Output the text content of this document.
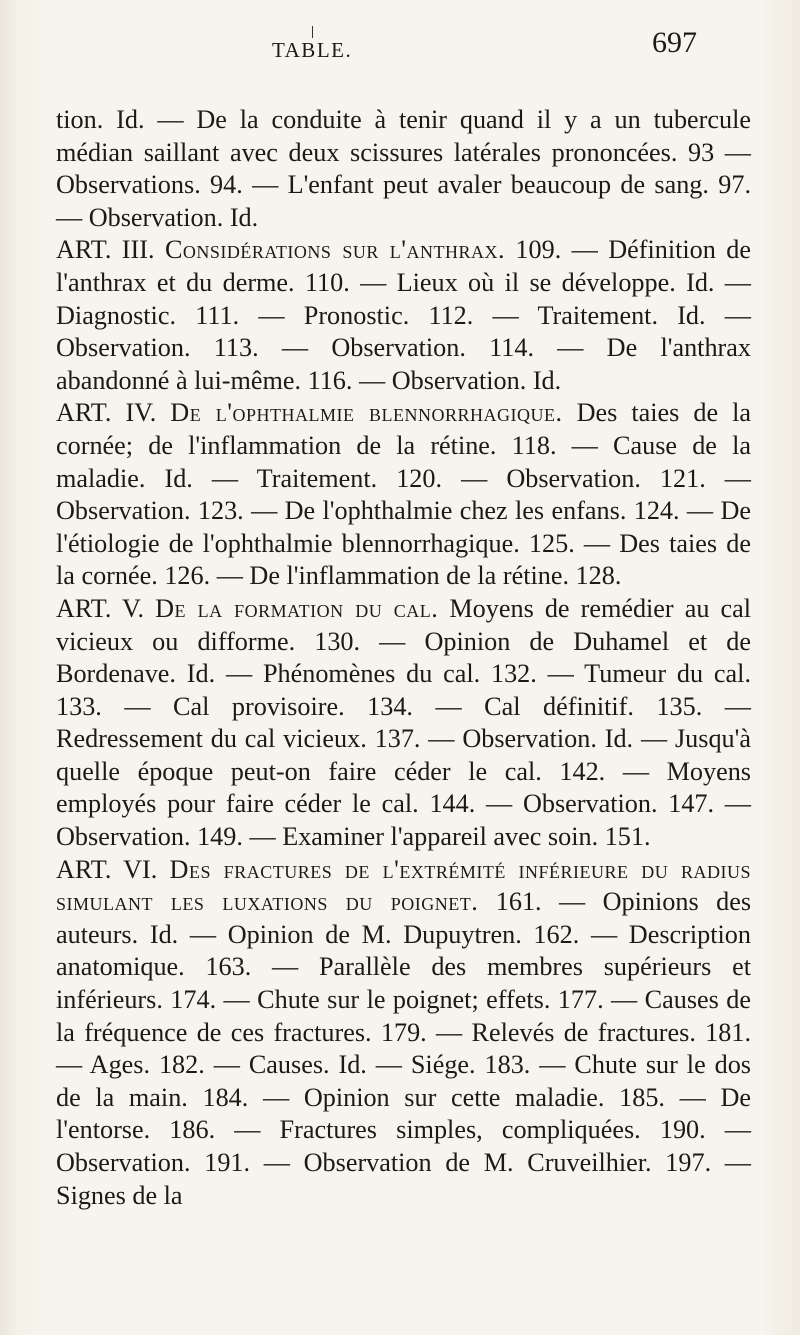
TABLE.	697

tion. Id. — De la conduite à tenir quand il y a un tubercule médian saillant avec deux scissures latérales prononcées. 93 — Observations. 94. — L'enfant peut avaler beaucoup de sang. 97. — Observation. Id.

ART. III. Considérations sur l'anthrax. 109. — Définition de l'anthrax et du derme. 110. — Lieux où il se développe. Id. — Diagnostic. 111. — Pronostic. 112. — Traitement. Id. — Observation. 113. — Observation. 114. — De l'anthrax abandonné à lui-même. 116. — Observation. Id.

ART. IV. De l'ophthalmie blennorrhagique. Des taies de la cornée; de l'inflammation de la rétine. 118. — Cause de la maladie. Id. — Traitement. 120. — Observation. 121. — Observation. 123. — De l'ophthalmie chez les enfans. 124. — De l'étiologie de l'ophthalmie blennorrhagique. 125. — Des taies de la cornée. 126. — De l'inflammation de la rétine. 128.

ART. V. De la formation du cal. Moyens de remédier au cal vicieux ou difforme. 130. — Opinion de Duhamel et de Bordenave. Id. — Phénomènes du cal. 132. — Tumeur du cal. 133. — Cal provisoire. 134. — Cal définitif. 135. — Redressement du cal vicieux. 137. — Observation. Id. — Jusqu'à quelle époque peut-on faire céder le cal. 142. — Moyens employés pour faire céder le cal. 144. — Observation. 147. — Observation. 149. — Examiner l'appareil avec soin. 151.

ART. VI. Des fractures de l'extrémité inférieure du radius simulant les luxations du poignet. 161. — Opinions des auteurs. Id. — Opinion de M. Dupuytren. 162. — Description anatomique. 163. — Parallèle des membres supérieurs et inférieurs. 174. — Chute sur le poignet; effets. 177. — Causes de la fréquence de ces fractures. 179. — Relevés de fractures. 181. — Ages. 182. — Causes. Id. — Siége. 183. — Chute sur le dos de la main. 184. — Opinion sur cette maladie. 185. — De l'entorse. 186. — Fractures simples, compliquées. 190. — Observation. 191. — Observation de M. Cruveilhier. 197. — Signes de la
